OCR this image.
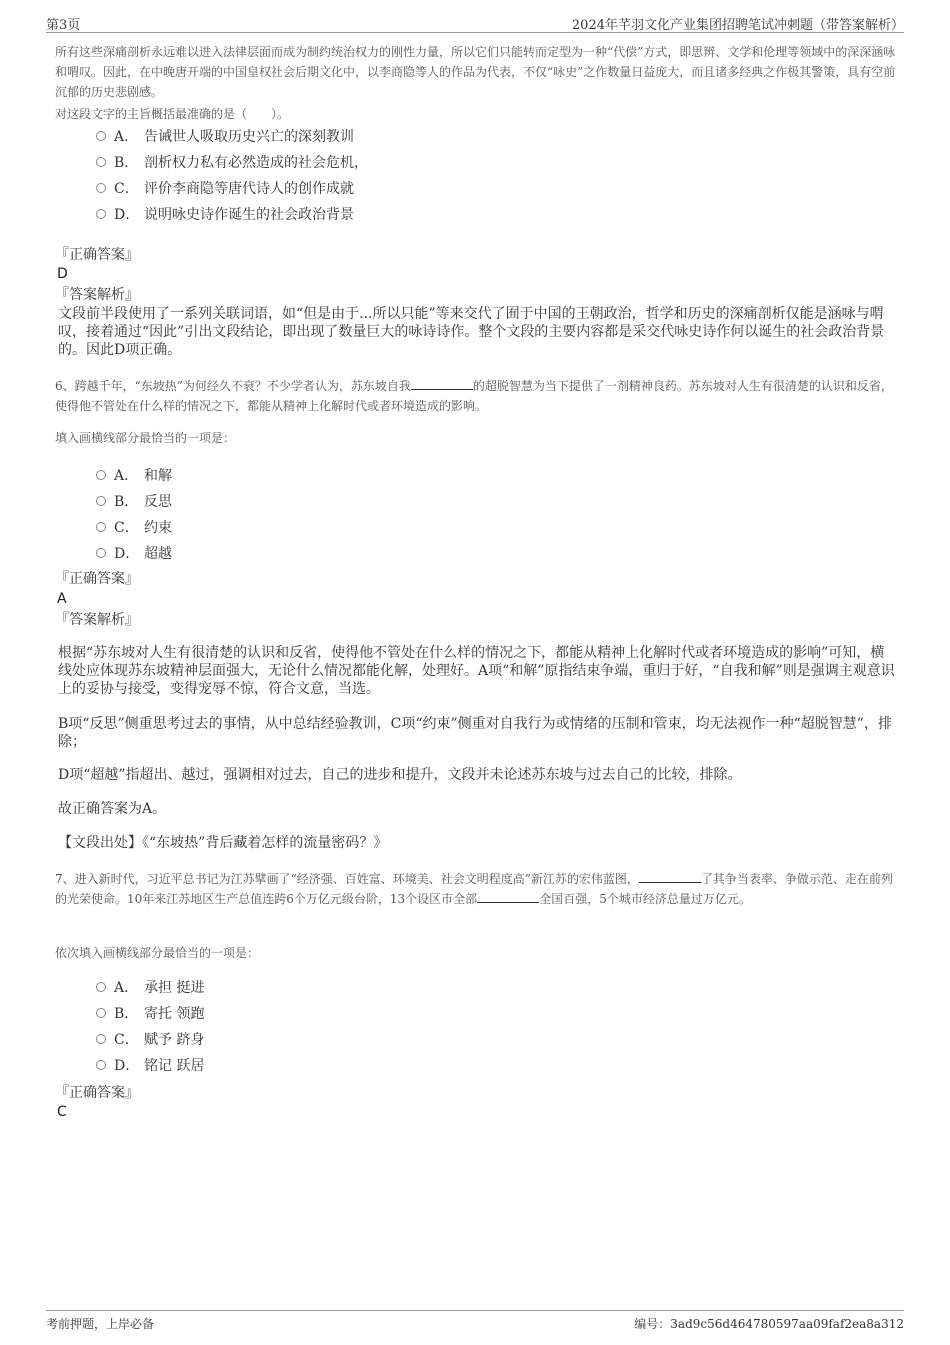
第3页	2024年芊羽文化产业集团招聘笔试冲刺题（带答案解析）
所有这些深痛剖析永远难以进入法律层面而成为制约统治权力的刚性力量，所以它们只能转而定型为一种“代偿”方式，即思辨、文学和伦理等领域中的深深涵咏和喟叹。因此，在中晚唐开端的中国皇权社会后期文化中，以李商隐等人的作品为代表，不仅“咏史”之作数量日益庞大，而且诸多经典之作极其警策，具有空前沉郁的历史悲剧感。
对这段文字的主旨概括最准确的是（　　）。
A． 告诫世人吸取历史兴亡的深刻教训
B． 剖析权力私有必然造成的社会危机，
C． 评价李商隐等唐代诗人的创作成就
D． 说明咏史诗作诞生的社会政治背景
『正确答案』
D
『答案解析』
文段前半段使用了一系列关联词语，如“但是由于...所以只能”等来交代了囿于中国的王朝政治，哲学和历史的深痛剖析仅能是涵咏与喟叹，接着通过“因此”引出文段结论，即出现了数量巨大的咏诗诗作。整个文段的主要内容都是采交代咏史诗作何以诞生的社会政治背景的。因此D项正确。
6、跨越千年，“东坡热”为何经久不衰？不少学者认为，苏东坡自我	的超脱智慧为当下提供了一剂精神良药。苏东坡对人生有很清楚的认识和反省，使得他不管处在什么样的情况之下，都能从精神上化解时代或者环境造成的影响。
填入画横线部分最恰当的一项是：
A． 和解
B． 反思
C． 约束
D． 超越
『正确答案』
A
『答案解析』
根据“苏东坡对人生有很清楚的认识和反省，使得他不管处在什么样的情况之下，都能从精神上化解时代或者环境造成的影响”可知，横线处应体现苏东坡精神层面强大，无论什么情况都能化解，处理好。A项“和解”原指结束争端，重归于好，“自我和解”则是强调主观意识上的妥协与接受，变得宠辱不惊，符合文意，当选。
B项“反思”侧重思考过去的事情，从中总结经验教训，C项“约束”侧重对自我行为或情绪的压制和管束，均无法视作一种“超脱智慧”，排除；
D项“超越”指超出、越过，强调相对过去，自己的进步和提升，文段并未论述苏东坡与过去自己的比较，排除。
故正确答案为A。
【文段出处】《“东坡热”背后藏着怎样的流量密码？》
7、进入新时代，习近平总书记为江苏擘画了“经济强、百姓富、环境美、社会文明程度高”新江苏的宏伟蓝图，	了其争当表率、争做示范、走在前列的光荣使命。10年来江苏地区生产总值连跨6个万亿元级台阶，13个设区市全部	全国百强，5个城市经济总量过万亿元。
依次填入画横线部分最恰当的一项是：
A． 承担 挺进
B． 寄托 领跑
C． 赋予 跻身
D． 铭记 跃居
『正确答案』
C
考前押题，上岸必备	编号：3ad9c56d464780597aa09faf2ea8a312
